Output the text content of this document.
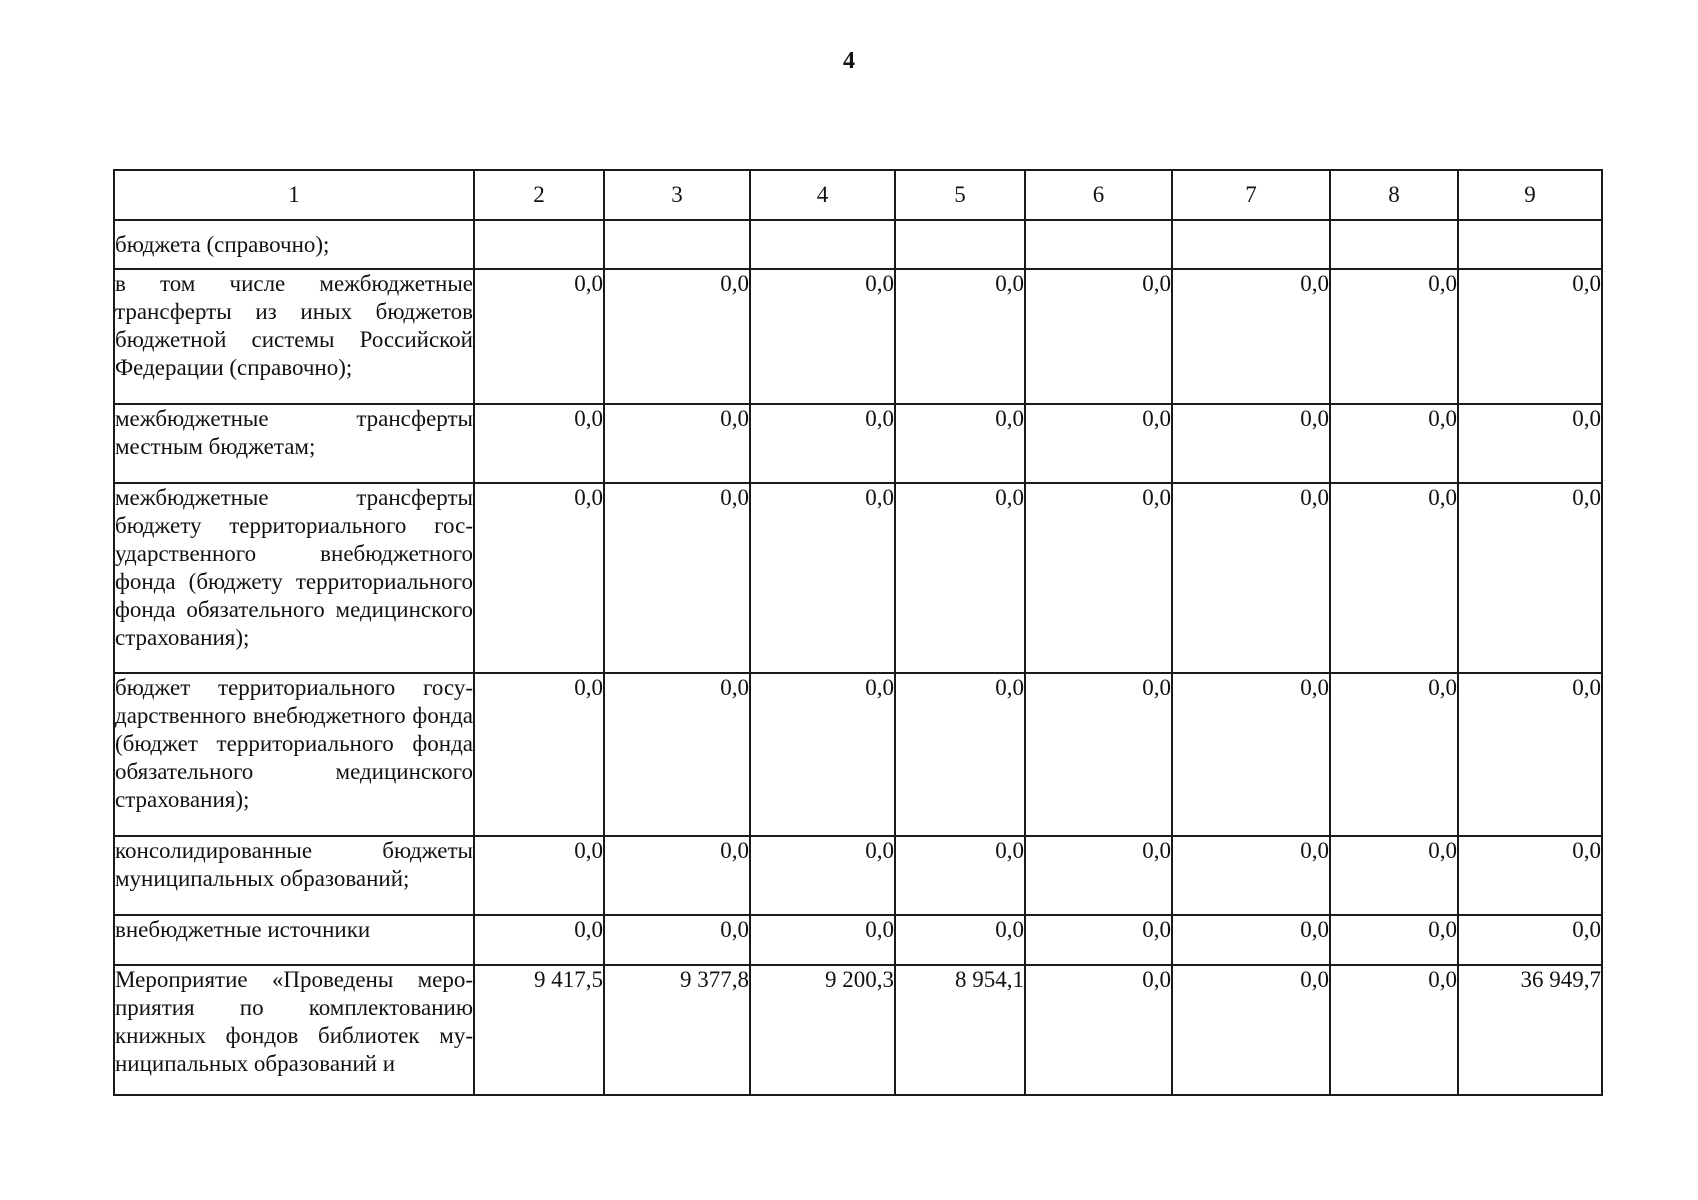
4
1	2	3	4	5	6	7	8	9
бюджета (справочно);								
в том числе межбюджетные трансферты из иных бюджетов бюджетной системы Российской Федерации (справочно);	0,0	0,0	0,0	0,0	0,0	0,0	0,0	0,0
межбюджетные трансферты местным бюджетам;	0,0	0,0	0,0	0,0	0,0	0,0	0,0	0,0
межбюджетные трансферты бюджету территориального государственного внебюджетного фонда (бюджету территориального фонда обязательного медицинского страхования);	0,0	0,0	0,0	0,0	0,0	0,0	0,0	0,0
бюджет территориального государственного внебюджетного фонда (бюджет территориального фонда обязательного медицинского страхования);	0,0	0,0	0,0	0,0	0,0	0,0	0,0	0,0
консолидированные бюджеты муниципальных образований;	0,0	0,0	0,0	0,0	0,0	0,0	0,0	0,0
внебюджетные источники	0,0	0,0	0,0	0,0	0,0	0,0	0,0	0,0
Мероприятие «Проведены мероприятия по комплектованию книжных фондов библиотек муниципальных образований и	9 417,5	9 377,8	9 200,3	8 954,1	0,0	0,0	0,0	36 949,7
